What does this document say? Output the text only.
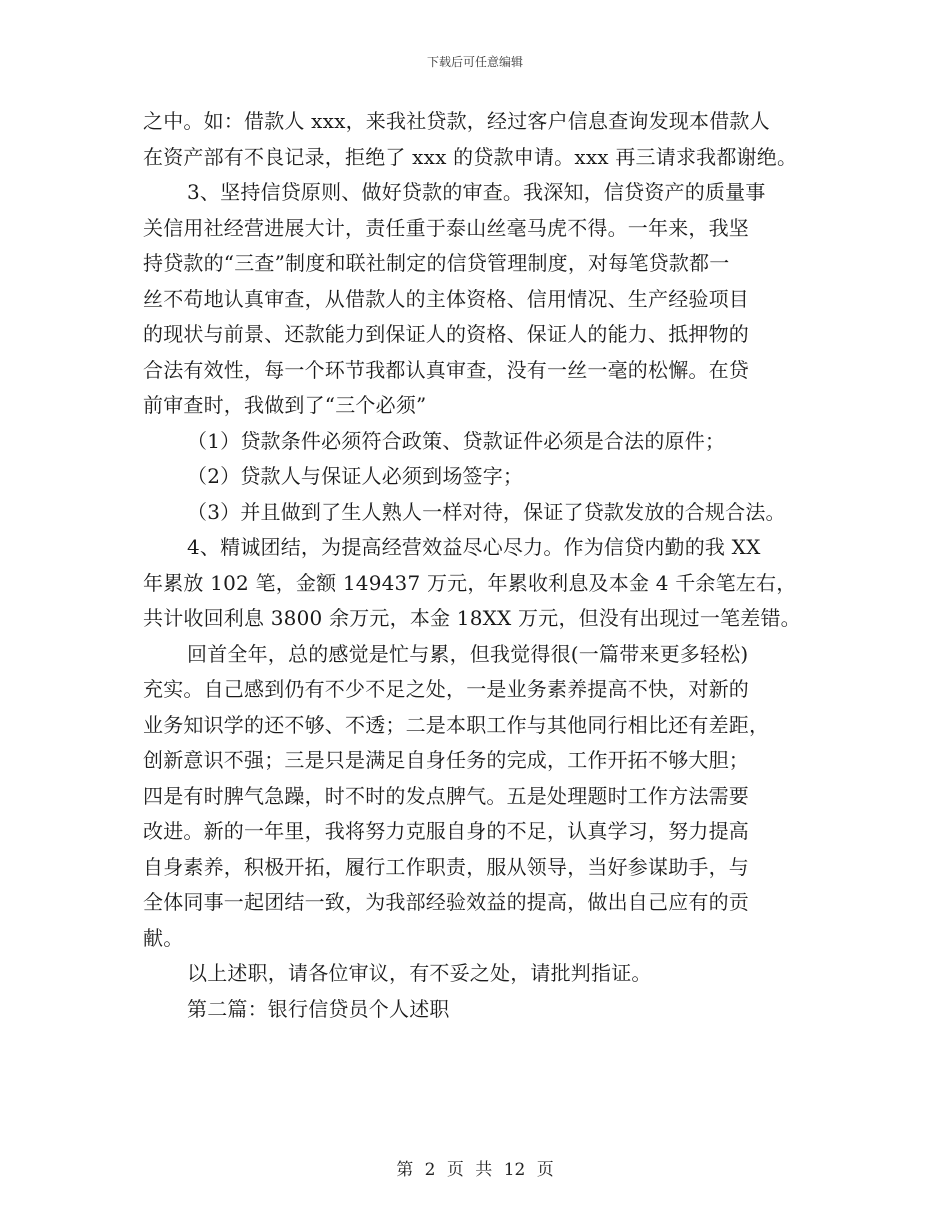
下载后可任意编辑
之中。如：借款人 xxx，来我社贷款，经过客户信息查询发现本借款人
在资产部有不良记录，拒绝了 xxx 的贷款申请。xxx 再三请求我都谢绝。
3、坚持信贷原则、做好贷款的审查。我深知，信贷资产的质量事
关信用社经营进展大计，责任重于泰山丝毫马虎不得。一年来，我坚
持贷款的“三查”制度和联社制定的信贷管理制度，对每笔贷款都一
丝不苟地认真审查，从借款人的主体资格、信用情况、生产经验项目
的现状与前景、还款能力到保证人的资格、保证人的能力、抵押物的
合法有效性，每一个环节我都认真审查，没有一丝一毫的松懈。在贷
前审查时，我做到了“三个必须”
（1）贷款条件必须符合政策、贷款证件必须是合法的原件；
（2）贷款人与保证人必须到场签字；
（3）并且做到了生人熟人一样对待，保证了贷款发放的合规合法。
4、精诚团结，为提高经营效益尽心尽力。作为信贷内勤的我 XX
年累放 102 笔，金额 149437 万元，年累收利息及本金 4 千余笔左右，
共计收回利息 3800 余万元，本金 18XX 万元，但没有出现过一笔差错。
回首全年，总的感觉是忙与累，但我觉得很(一篇带来更多轻松)
充实。自己感到仍有不少不足之处，一是业务素养提高不快，对新的
业务知识学的还不够、不透；二是本职工作与其他同行相比还有差距，
创新意识不强；三是只是满足自身任务的完成，工作开拓不够大胆；
四是有时脾气急躁，时不时的发点脾气。五是处理题时工作方法需要
改进。新的一年里，我将努力克服自身的不足，认真学习，努力提高
自身素养，积极开拓，履行工作职责，服从领导，当好参谋助手，与
全体同事一起团结一致，为我部经验效益的提高，做出自己应有的贡
献。
以上述职，请各位审议，有不妥之处，请批判指证。
第二篇：银行信贷员个人述职
第 2 页 共 12 页
